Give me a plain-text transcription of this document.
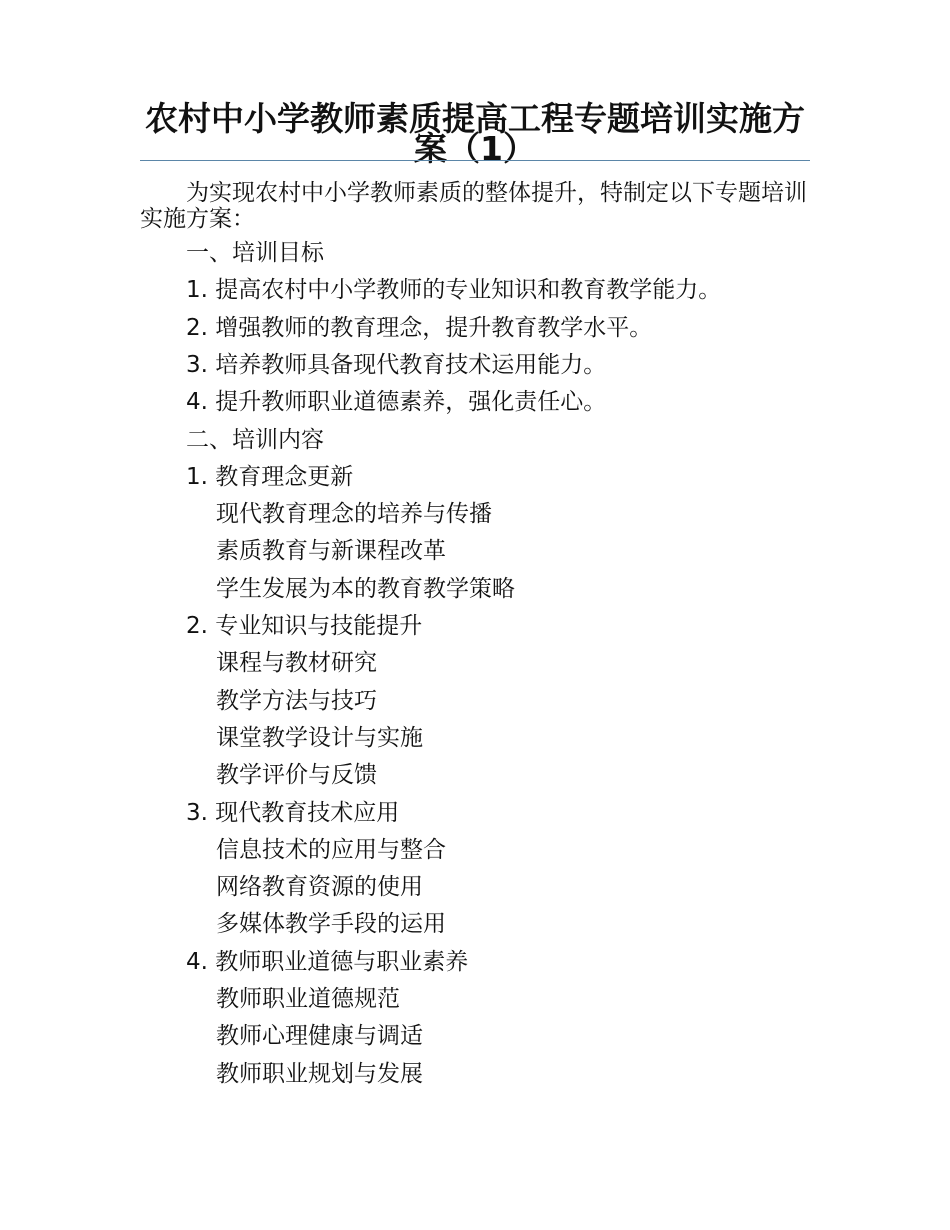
农村中小学教师素质提高工程专题培训实施方案（1）

为实现农村中小学教师素质的整体提升，特制定以下专题培训实施方案：

一、培训目标

1. 提高农村中小学教师的专业知识和教育教学能力。

2. 增强教师的教育理念，提升教育教学水平。

3. 培养教师具备现代教育技术运用能力。

4. 提升教师职业道德素养，强化责任心。

二、培训内容

1. 教育理念更新

现代教育理念的培养与传播

素质教育与新课程改革

学生发展为本的教育教学策略

2. 专业知识与技能提升

课程与教材研究

教学方法与技巧

课堂教学设计与实施

教学评价与反馈

3. 现代教育技术应用

信息技术的应用与整合

网络教育资源的使用

多媒体教学手段的运用

4. 教师职业道德与职业素养

教师职业道德规范

教师心理健康与调适

教师职业规划与发展
